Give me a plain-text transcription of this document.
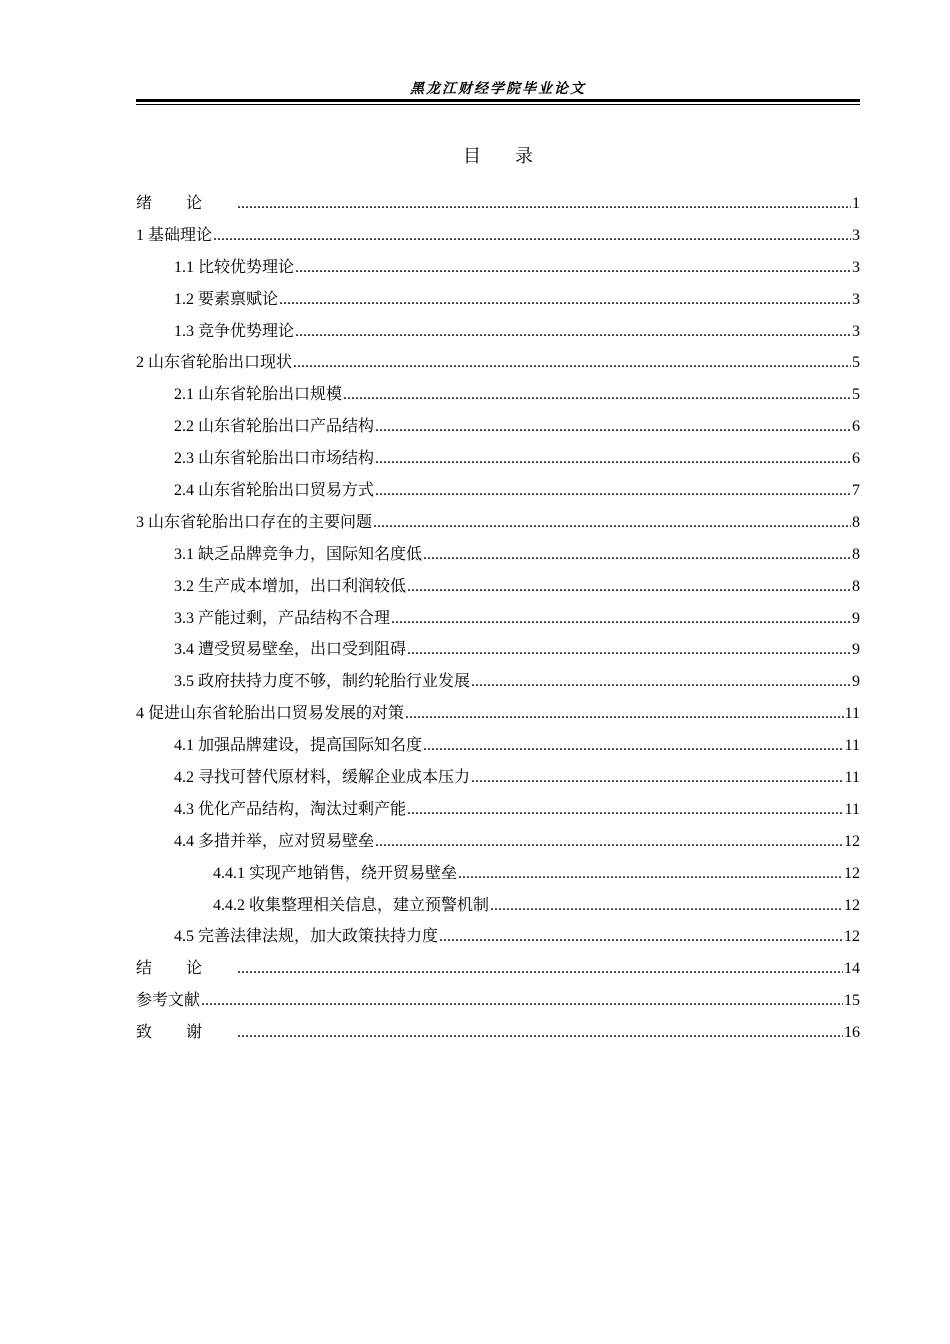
黑龙江财经学院毕业论文
目录
绪论 .....	1
1 基础理论 .....	3
1.1 比较优势理论 .....	3
1.2 要素禀赋论 .....	3
1.3 竞争优势理论 .....	3
2 山东省轮胎出口现状 .....	5
2.1 山东省轮胎出口规模 .....	5
2.2 山东省轮胎出口产品结构 .....	6
2.3 山东省轮胎出口市场结构 .....	6
2.4 山东省轮胎出口贸易方式 .....	7
3 山东省轮胎出口存在的主要问题 .....	8
3.1 缺乏品牌竞争力，国际知名度低 .....	8
3.2 生产成本增加，出口利润较低 .....	8
3.3 产能过剩，产品结构不合理 .....	9
3.4 遭受贸易壁垒，出口受到阻碍 .....	9
3.5 政府扶持力度不够，制约轮胎行业发展 .....	9
4 促进山东省轮胎出口贸易发展的对策 .....	11
4.1 加强品牌建设，提高国际知名度 .....	11
4.2 寻找可替代原材料，缓解企业成本压力 .....	11
4.3 优化产品结构，淘汰过剩产能 .....	11
4.4 多措并举，应对贸易壁垒 .....	12
4.4.1 实现产地销售，绕开贸易壁垒 .....	12
4.4.2 收集整理相关信息，建立预警机制 .....	12
4.5 完善法律法规，加大政策扶持力度 .....	12
结论 .....	14
参考文献 .....	15
致谢 .....	16
